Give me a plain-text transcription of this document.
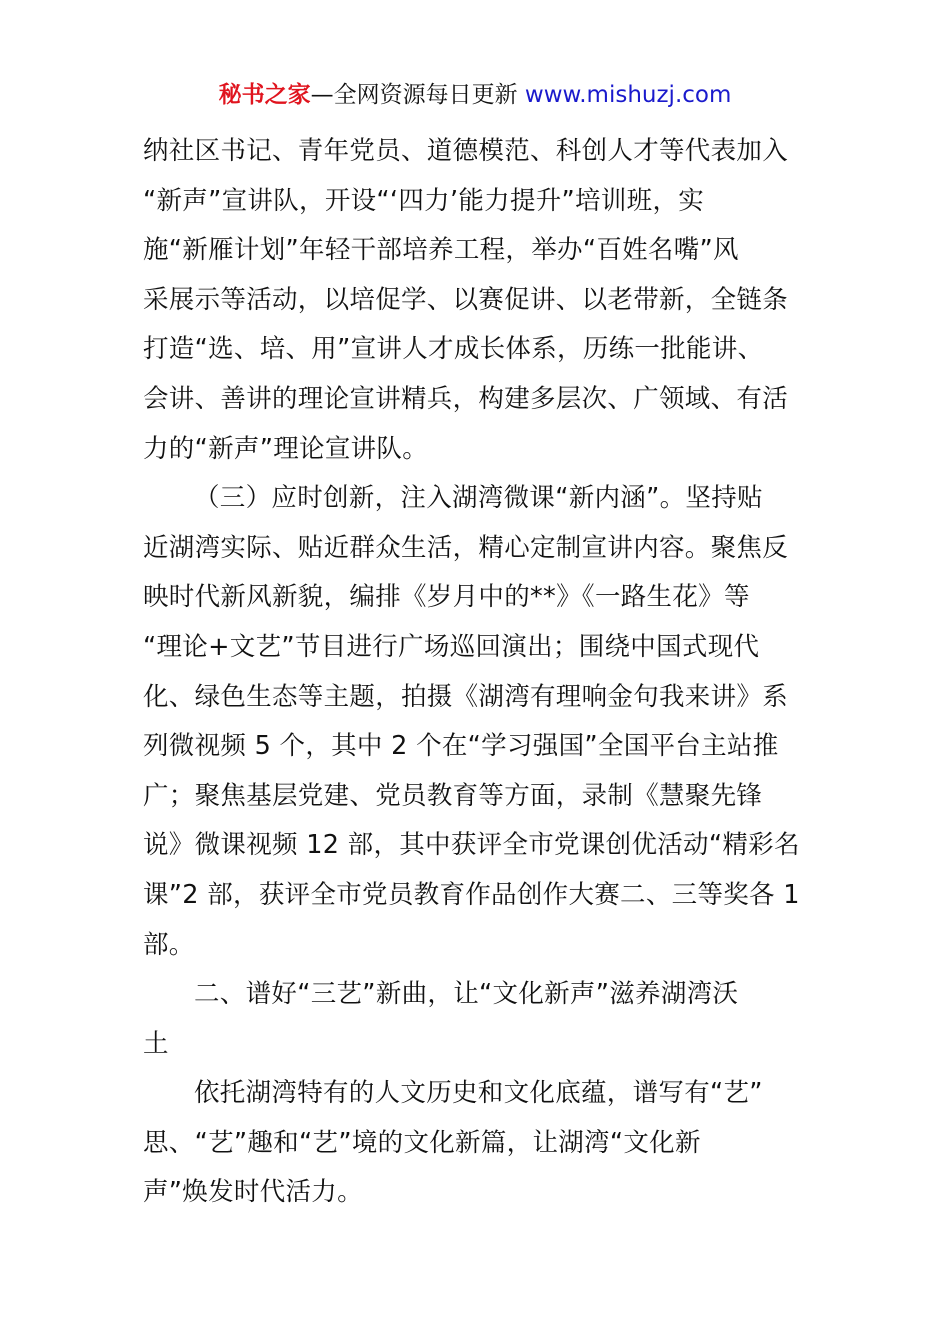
秘书之家—全网资源每日更新 www.mishuzj.com
纳社区书记、青年党员、道德模范、科创人才等代表加入
“新声”宣讲队，开设“‘四力’能力提升”培训班，实
施“新雁计划”年轻干部培养工程，举办“百姓名嘴”风
采展示等活动，以培促学、以赛促讲、以老带新，全链条
打造“选、培、用”宣讲人才成长体系，历练一批能讲、
会讲、善讲的理论宣讲精兵，构建多层次、广领域、有活
力的“新声”理论宣讲队。
（三）应时创新，注入湖湾微课“新内涵”。坚持贴
近湖湾实际、贴近群众生活，精心定制宣讲内容。聚焦反
映时代新风新貌，编排《岁月中的**》《一路生花》等
“理论+文艺”节目进行广场巡回演出；围绕中国式现代
化、绿色生态等主题，拍摄《湖湾有理响金句我来讲》系
列微视频 5 个，其中 2 个在“学习强国”全国平台主站推
广；聚焦基层党建、党员教育等方面，录制《慧聚先锋
说》微课视频 12 部，其中获评全市党课创优活动“精彩名
课”2 部，获评全市党员教育作品创作大赛二、三等奖各 1
部。
二、谱好“三艺”新曲，让“文化新声”滋养湖湾沃
土
依托湖湾特有的人文历史和文化底蕴，谱写有“艺”
思、“艺”趣和“艺”境的文化新篇，让湖湾“文化新
声”焕发时代活力。
